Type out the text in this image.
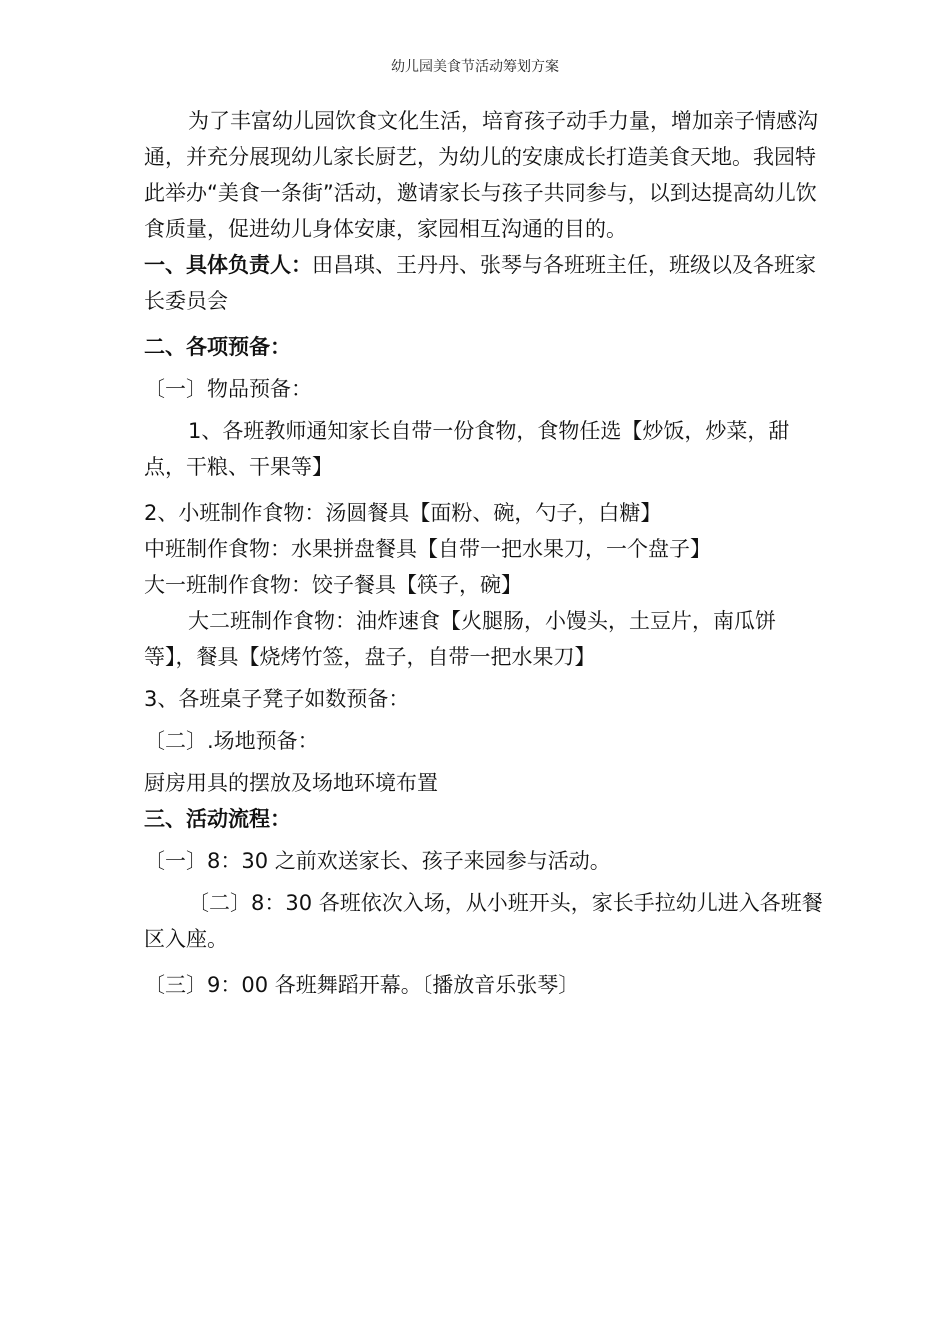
幼儿园美食节活动筹划方案

为了丰富幼儿园饮食文化生活，培育孩子动手力量，增加亲子情感沟通，并充分展现幼儿家长厨艺，为幼儿的安康成长打造美食天地。我园特此举办“美食一条街”活动，邀请家长与孩子共同参与，以到达提高幼儿饮食质量，促进幼儿身体安康，家园相互沟通的目的。

一、具体负责人：田昌琪、王丹丹、张琴与各班班主任，班级以及各班家长委员会

二、各项预备：

〔一〕物品预备：

1、各班教师通知家长自带一份食物，食物任选【炒饭，炒菜，甜点，干粮、干果等】

2、小班制作食物：汤圆餐具【面粉、碗，勺子，白糖】

中班制作食物：水果拼盘餐具【自带一把水果刀，一个盘子】

大一班制作食物：饺子餐具【筷子，碗】

大二班制作食物：油炸速食【火腿肠，小馒头，土豆片，南瓜饼等】，餐具【烧烤竹签，盘子，自带一把水果刀】

3、各班桌子凳子如数预备：

〔二〕.场地预备：

厨房用具的摆放及场地环境布置

三、活动流程：

〔一〕8：30 之前欢送家长、孩子来园参与活动。

〔二〕8：30 各班依次入场，从小班开头，家长手拉幼儿进入各班餐区入座。

〔三〕9：00 各班舞蹈开幕。〔播放音乐张琴〕
